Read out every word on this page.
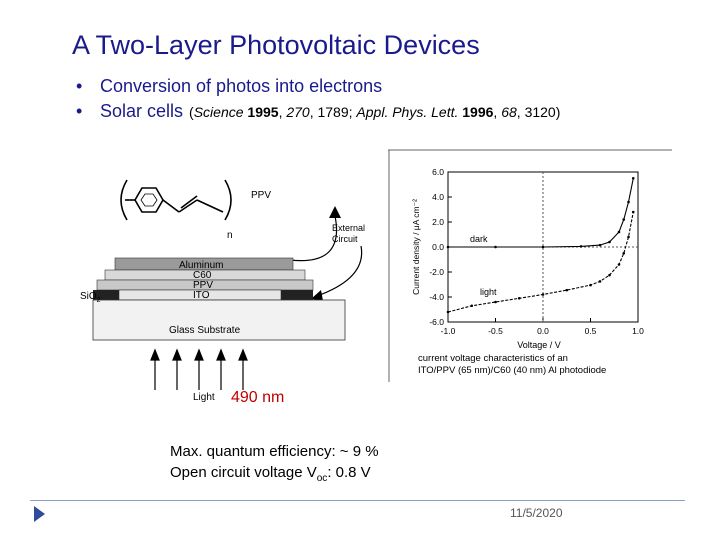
A Two-Layer Photovoltaic Devices
• Conversion of photos into electrons
• Solar cells (Science 1995, 270, 1789; Appl. Phys. Lett. 1996, 68, 3120)
PPV
n
External
Circuit
Aluminum
C60
PPV
ITO
SiO$_2$
Glass Substrate
Light 490 nm
-1.0	-0.5	0.0	0.5	1.0
6.0
4.0
2.0
0.0
-2.0
-4.0
-6.0
dark
light
Voltage / V
Current density / μA cm⁻²
current voltage characteristics of an
ITO/PPV (65 nm)/C60 (40 nm) Al photodiode
Max. quantum efficiency: ~ 9 %
Open circuit voltage $V_{oc}$: 0.8 V
11/5/2020
